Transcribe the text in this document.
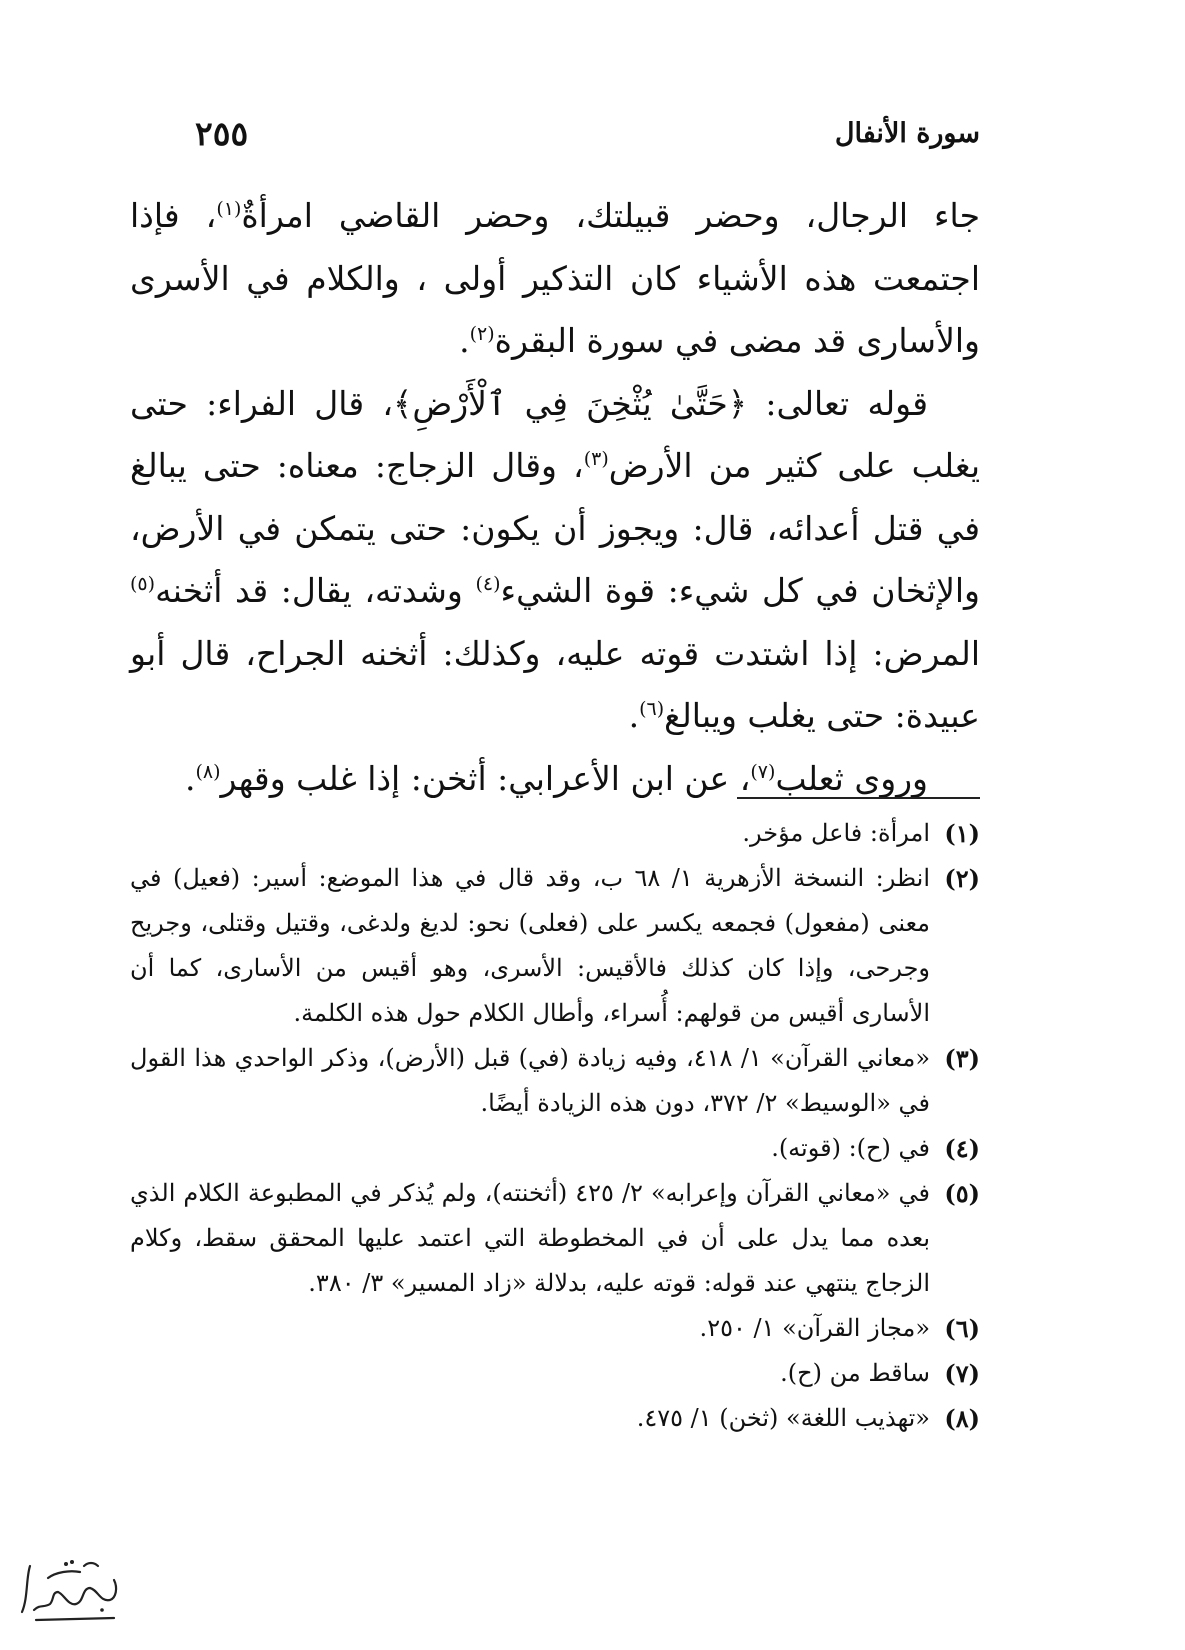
سورة الأنفال
٢٥٥

جاء الرجال، وحضر قبيلتك، وحضر القاضي امرأةٌ$^{(١)}$، فإذا اجتمعت هذه الأشياء كان التذكير أولى ، والكلام في الأسرى والأسارى قد مضى في سورة البقرة$^{(٢)}$.

قوله تعالى: ﴿حَتَّىٰ يُثْخِنَ فِي ٱلْأَرْضِ﴾، قال الفراء: حتى يغلب على كثير من الأرض$^{(٣)}$، وقال الزجاج: معناه: حتى يبالغ في قتل أعدائه، قال: ويجوز أن يكون: حتى يتمكن في الأرض، والإثخان في كل شيء: قوة الشيء$^{(٤)}$ وشدته، يقال: قد أثخنه$^{(٥)}$ المرض: إذا اشتدت قوته عليه، وكذلك: أثخنه الجراح، قال أبو عبيدة: حتى يغلب ويبالغ$^{(٦)}$.

وروى ثعلب$^{(٧)}$، عن ابن الأعرابي: أثخن: إذا غلب وقهر$^{(٨)}$.

(١)
امرأة: فاعل مؤخر.
(٢)
انظر: النسخة الأزهرية ١/ ٦٨ ب، وقد قال في هذا الموضع: أسير: (فعيل) في معنى (مفعول) فجمعه يكسر على (فعلى) نحو: لديغ ولدغى، وقتيل وقتلى، وجريح وجرحى، وإذا كان كذلك فالأقيس: الأسرى، وهو أقيس من الأسارى، كما أن الأسارى أقيس من قولهم: أُسراء، وأطال الكلام حول هذه الكلمة.
(٣)
«معاني القرآن» ١/ ٤١٨، وفيه زيادة (في) قبل (الأرض)، وذكر الواحدي هذا القول في «الوسيط» ٢/ ٣٧٢، دون هذه الزيادة أيضًا.
(٤)
في (ح): (قوته).
(٥)
في «معاني القرآن وإعرابه» ٢/ ٤٢٥ (أثخنته)، ولم يُذكر في المطبوعة الكلام الذي بعده مما يدل على أن في المخطوطة التي اعتمد عليها المحقق سقط، وكلام الزجاج ينتهي عند قوله: قوته عليه، بدلالة «زاد المسير» ٣/ ٣٨٠.
(٦)
«مجاز القرآن» ١/ ٢٥٠.
(٧)
ساقط من (ح).
(٨)
«تهذيب اللغة» (ثخن) ١/ ٤٧٥.
